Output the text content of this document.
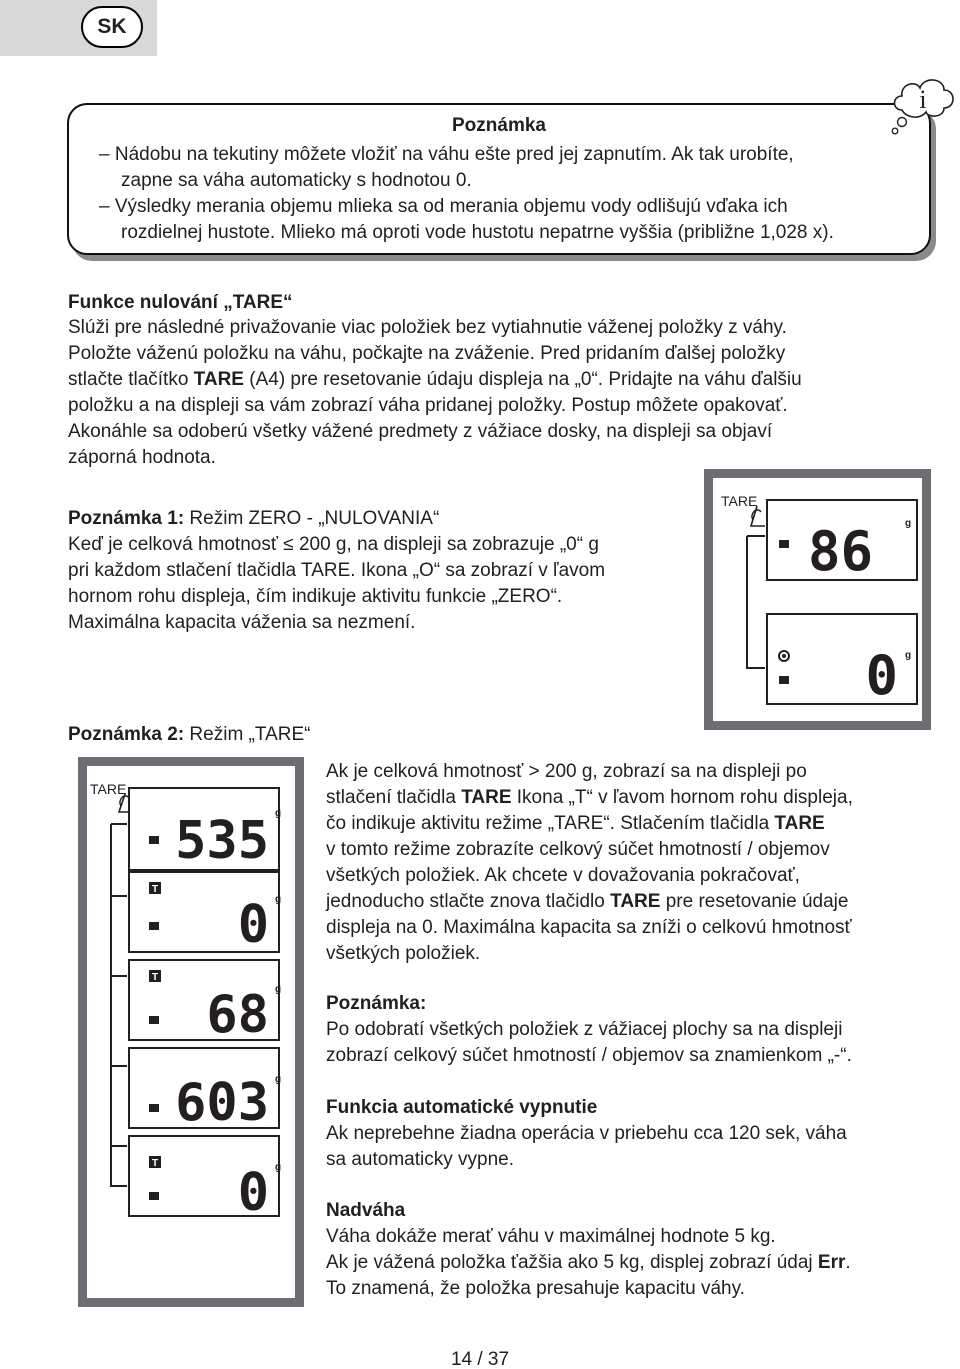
SK
Poznámka
– Nádobu na tekutiny môžete vložiť na váhu ešte pred jej zapnutím. Ak tak urobíte,
zapne sa váha automaticky s hodnotou 0.
– Výsledky merania objemu mlieka sa od merania objemu vody odlišujú vďaka ich
rozdielnej hustote. Mlieko má oproti vode hustotu nepatrne vyššia (približne 1,028 x).
i
Funkce nulování „TARE“
Slúži pre následné privažovanie viac položiek bez vytiahnutie váženej položky z váhy.
Položte váženú položku na váhu, počkajte na zváženie. Pred pridaním ďalšej položky
stlačte tlačítko TARE (A4) pre resetovanie údaju displeja na „0“. Pridajte na váhu ďalšiu
položku a na displeji sa vám zobrazí váha pridanej položky. Postup môžete opakovať.
Akonáhle sa odoberú všetky vážené predmety z vážiace dosky, na displeji sa objaví
záporná hodnota.
Poznámka 1: Režim ZERO - „NULOVANIA“
Keď je celková hmotnosť ≤ 200 g, na displeji sa zobrazuje „0“ g
pri každom stlačení tlačidla TARE. Ikona „O“ sa zobrazí v ľavom
hornom rohu displeja, čím indikuje aktivitu funkcie „ZERO“.
Maximálna kapacita váženia sa nezmení.
TARE
86	g
0 g
Poznámka 2: Režim „TARE“
TARE
535 g
T
0 g
T
68 g
603 g
T 0 g
Ak je celková hmotnosť > 200 g, zobrazí sa na displeji po
stlačení tlačidla TARE Ikona „T“ v ľavom hornom rohu displeja,
čo indikuje aktivitu režime „TARE“. Stlačením tlačidla TARE
v tomto režime zobrazíte celkový súčet hmotností / objemov
všetkých položiek. Ak chcete v dovažovania pokračovať,
jednoducho stlačte znova tlačidlo TARE pre resetovanie údaje
displeja na 0. Maximálna kapacita sa zníži o celkovú hmotnosť
všetkých položiek.
Poznámka:
Po odobratí všetkých položiek z vážiacej plochy sa na displeji
zobrazí celkový súčet hmotností / objemov sa znamienkom „-“.
Funkcia automatické vypnutie
Ak neprebehne žiadna operácia v priebehu cca 120 sek, váha
sa automaticky vypne.
Nadváha
Váha dokáže merať váhu v maximálnej hodnote 5 kg.
Ak je vážená položka ťažšia ako 5 kg, displej zobrazí údaj Err.
To znamená, že položka presahuje kapacitu váhy.
14 / 37
